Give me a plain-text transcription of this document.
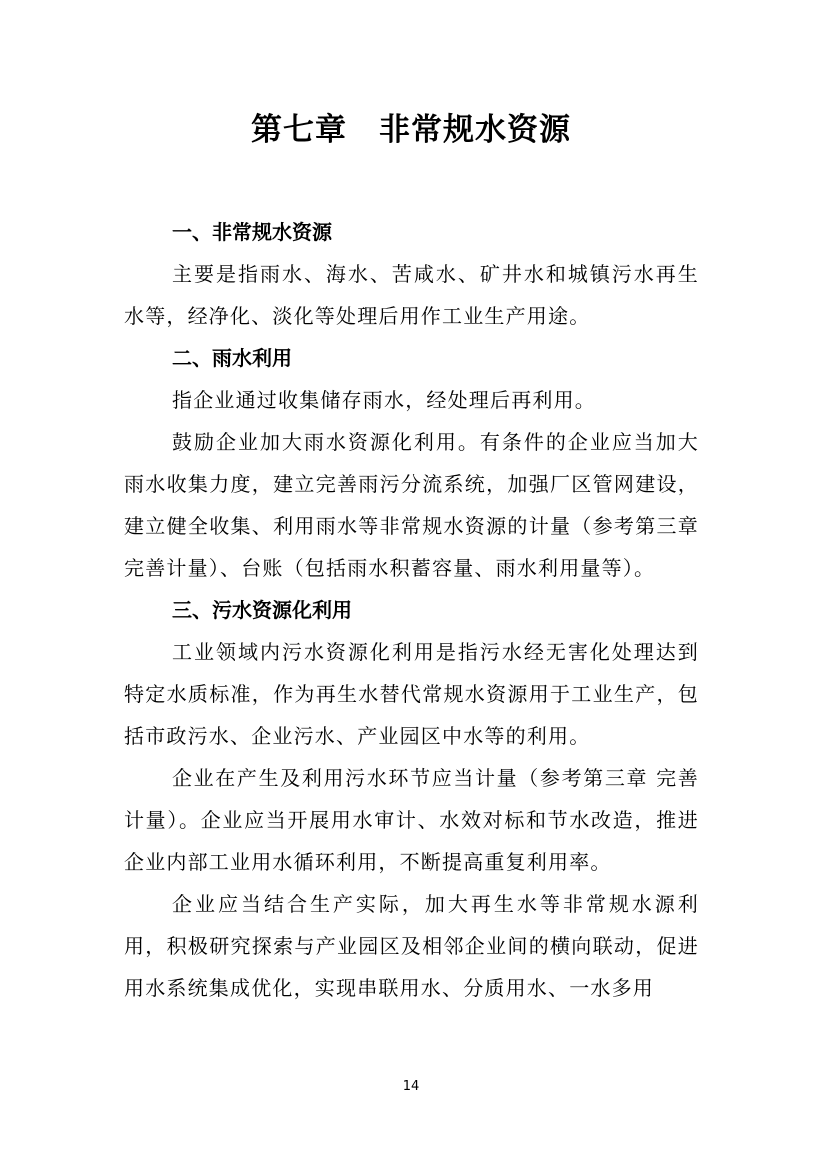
第七章　非常规水资源
一、非常规水资源

主要是指雨水、海水、苦咸水、矿井水和城镇污水再生水等，经净化、淡化等处理后用作工业生产用途。

二、雨水利用

指企业通过收集储存雨水，经处理后再利用。

鼓励企业加大雨水资源化利用。有条件的企业应当加大雨水收集力度，建立完善雨污分流系统，加强厂区管网建设，建立健全收集、利用雨水等非常规水资源的计量（参考第三章 完善计量）、台账（包括雨水积蓄容量、雨水利用量等）。

三、污水资源化利用

工业领域内污水资源化利用是指污水经无害化处理达到特定水质标准，作为再生水替代常规水资源用于工业生产，包括市政污水、企业污水、产业园区中水等的利用。

企业在产生及利用污水环节应当计量（参考第三章 完善计量）。企业应当开展用水审计、水效对标和节水改造，推进企业内部工业用水循环利用，不断提高重复利用率。

企业应当结合生产实际，加大再生水等非常规水源利用，积极研究探索与产业园区及相邻企业间的横向联动，促进用水系统集成优化，实现串联用水、分质用水、一水多用

14
